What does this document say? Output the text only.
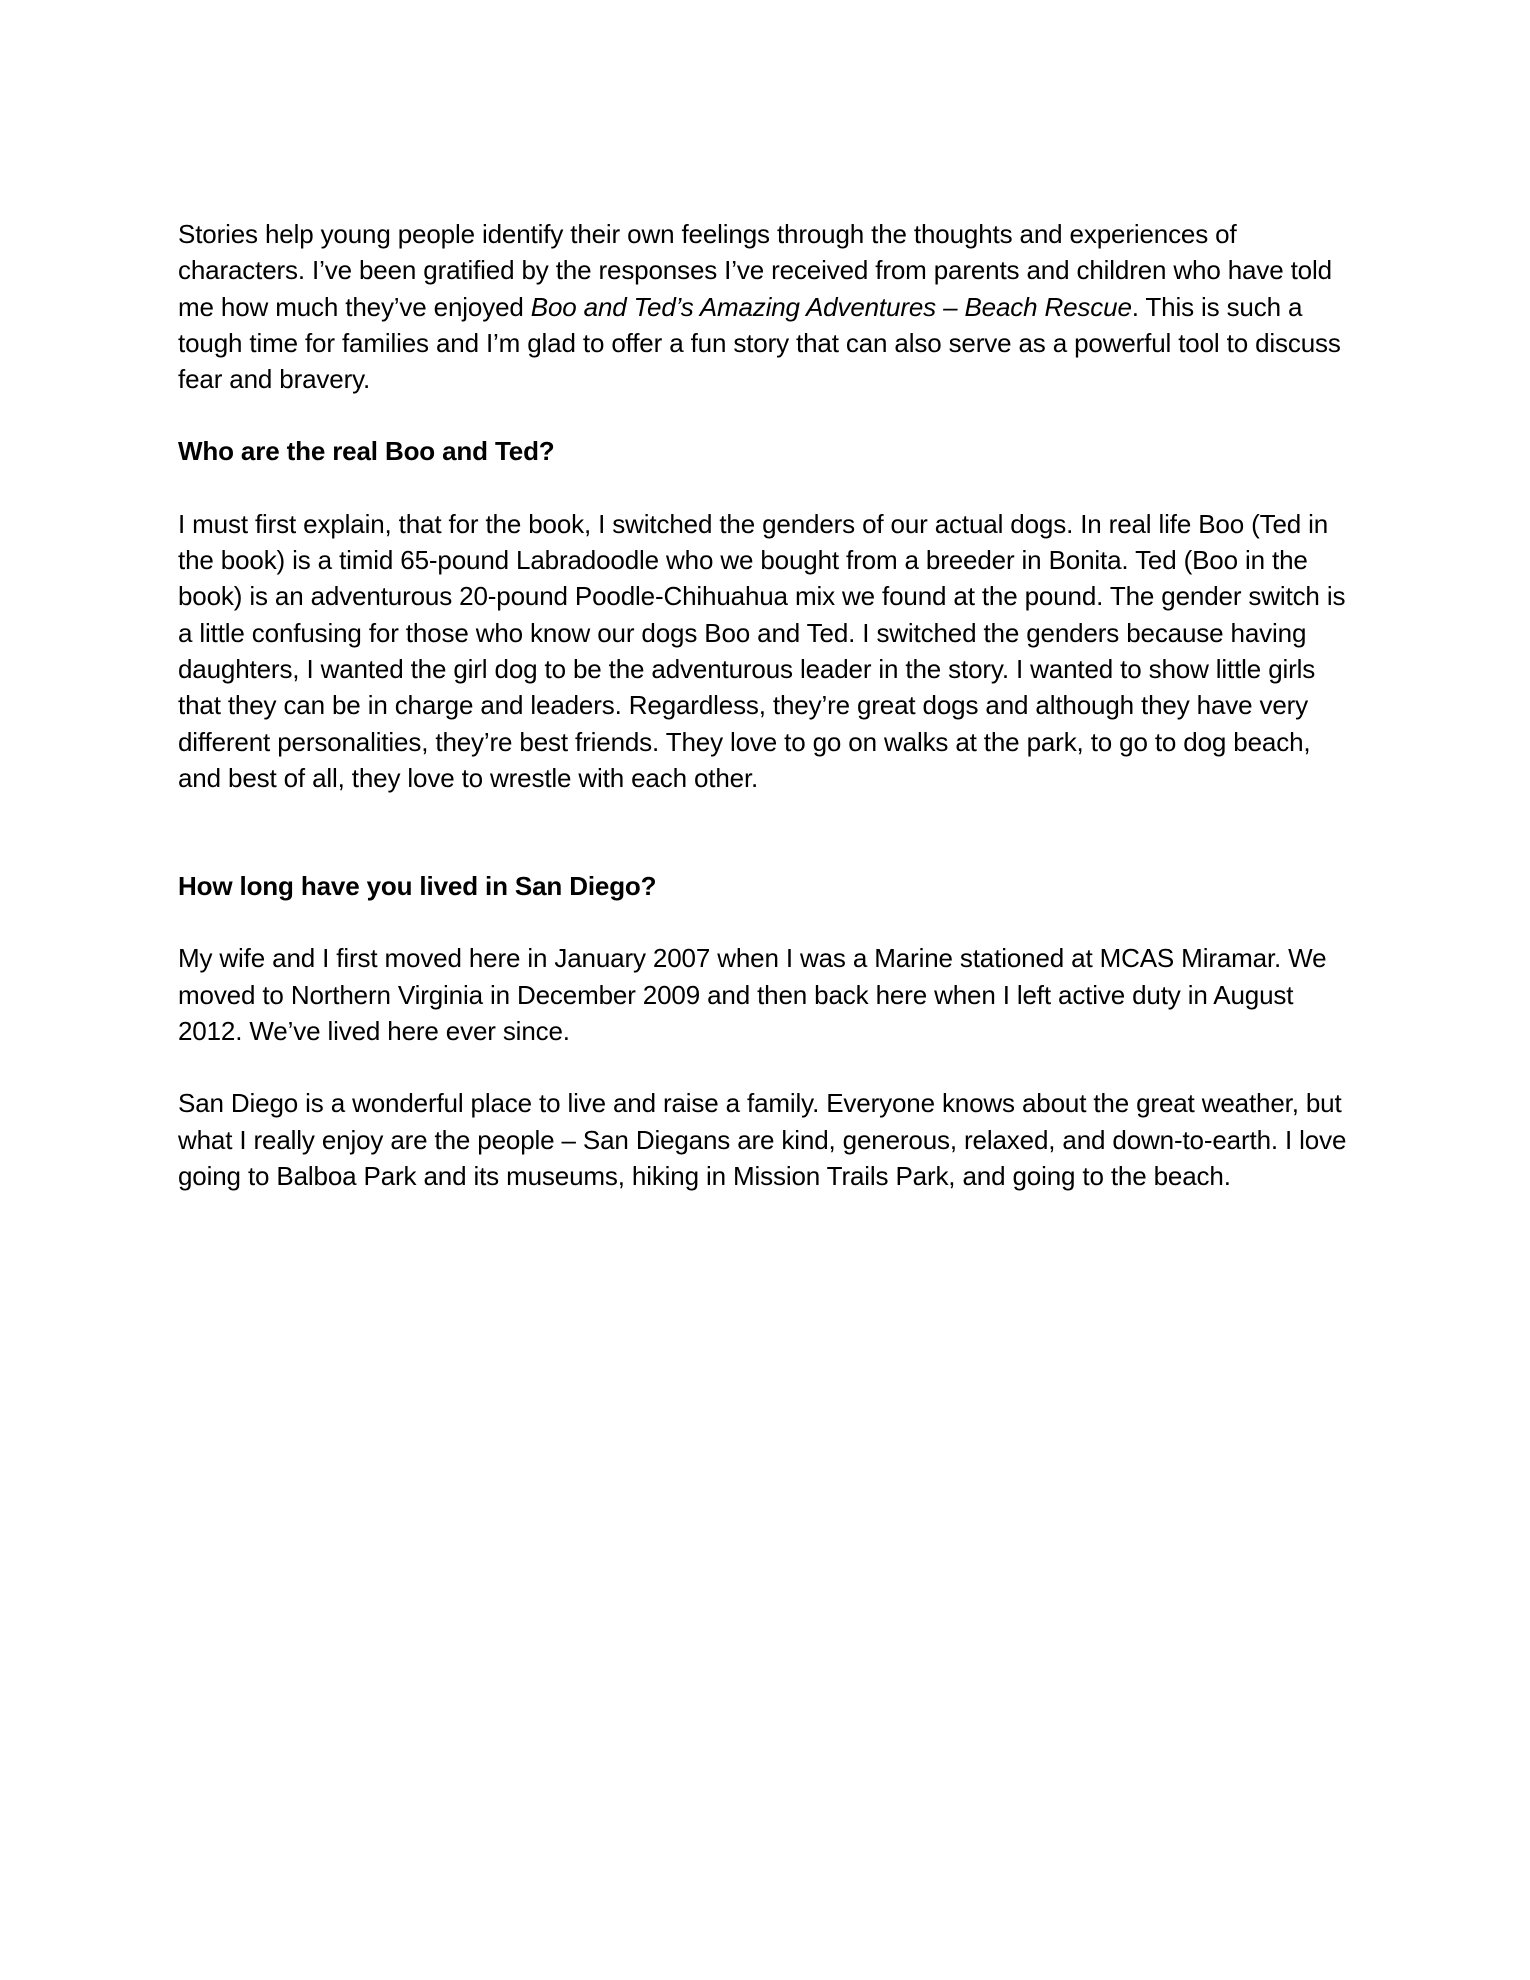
Stories help young people identify their own feelings through the thoughts and experiences of characters. I’ve been gratified by the responses I’ve received from parents and children who have told me how much they’ve enjoyed Boo and Ted’s Amazing Adventures – Beach Rescue. This is such a tough time for families and I’m glad to offer a fun story that can also serve as a powerful tool to discuss fear and bravery.

Who are the real Boo and Ted?

I must first explain, that for the book, I switched the genders of our actual dogs. In real life Boo (Ted in the book) is a timid 65-pound Labradoodle who we bought from a breeder in Bonita. Ted (Boo in the book) is an adventurous 20-pound Poodle-Chihuahua mix we found at the pound. The gender switch is a little confusing for those who know our dogs Boo and Ted. I switched the genders because having daughters, I wanted the girl dog to be the adventurous leader in the story. I wanted to show little girls that they can be in charge and leaders. Regardless, they’re great dogs and although they have very different personalities, they’re best friends. They love to go on walks at the park, to go to dog beach, and best of all, they love to wrestle with each other.

How long have you lived in San Diego?

My wife and I first moved here in January 2007 when I was a Marine stationed at MCAS Miramar. We moved to Northern Virginia in December 2009 and then back here when I left active duty in August 2012. We’ve lived here ever since.

San Diego is a wonderful place to live and raise a family. Everyone knows about the great weather, but what I really enjoy are the people – San Diegans are kind, generous, relaxed, and down-to-earth. I love going to Balboa Park and its museums, hiking in Mission Trails Park, and going to the beach.
